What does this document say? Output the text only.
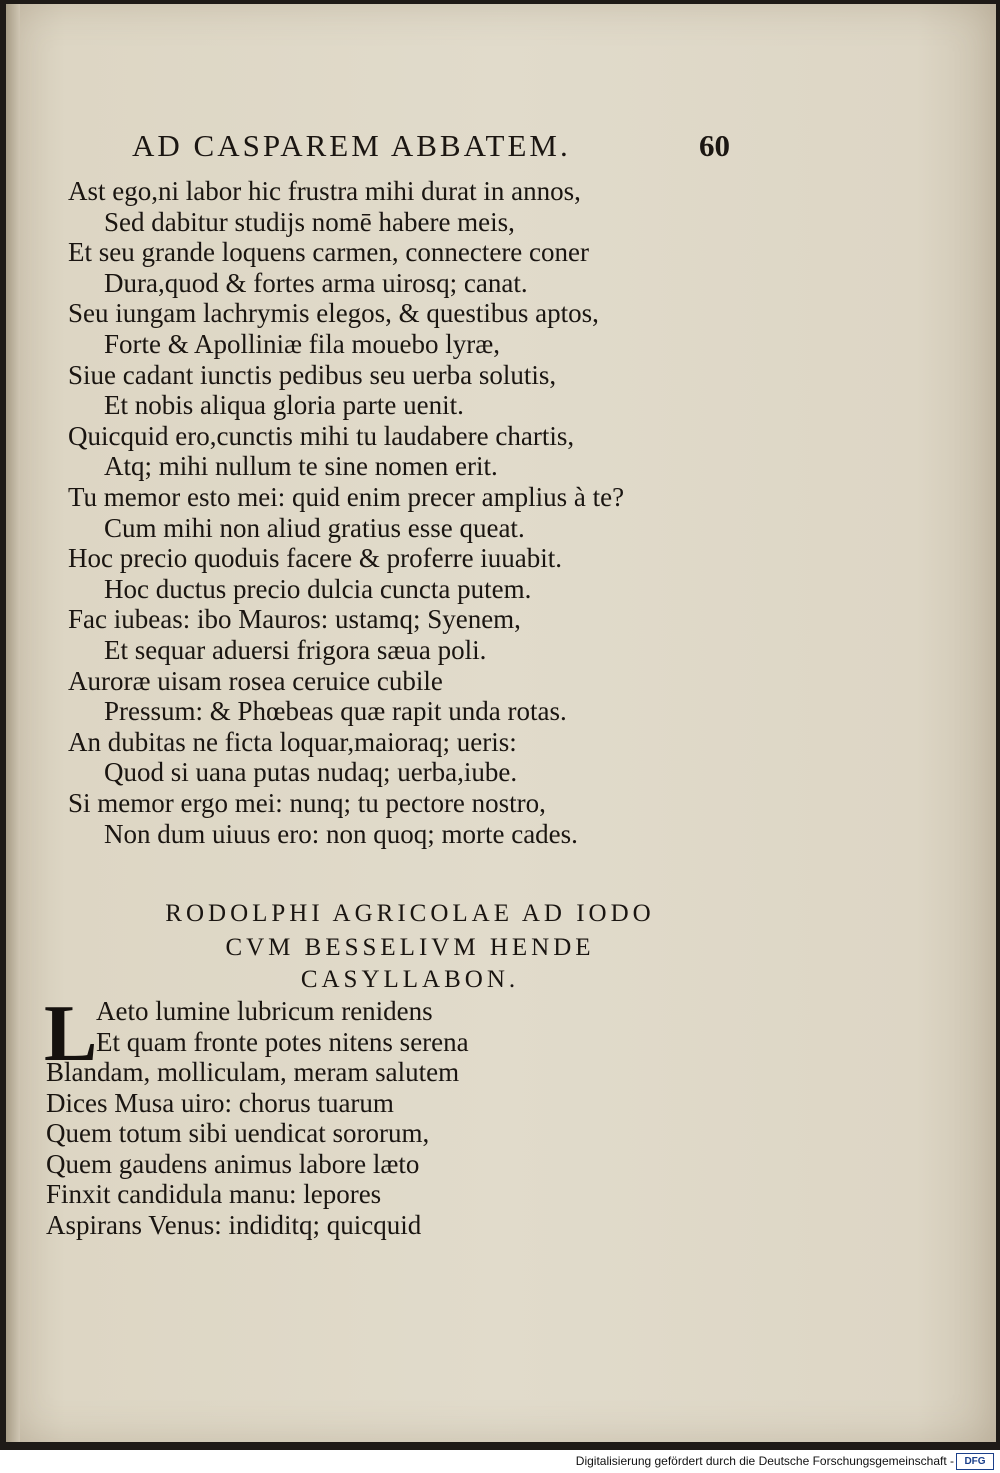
AD CASPAREM ABBATEM.	60
Ast ego,ni labor hic frustra mihi durat in annos,
Sed dabitur studijs nomē habere meis,
Et seu grande loquens carmen, connectere coner
Dura,quod & fortes arma uirosq; canat.
Seu iungam lachrymis elegos, & questibus aptos,
Forte & Apolliniæ fila mouebo lyræ,
Siue cadant iunctis pedibus seu uerba solutis,
Et nobis aliqua gloria parte uenit.
Quicquid ero,cunctis mihi tu laudabere chartis,
Atq; mihi nullum te sine nomen erit.
Tu memor esto mei: quid enim precer amplius à te?
Cum mihi non aliud gratius esse queat.
Hoc precio quoduis facere & proferre iuuabit.
Hoc ductus precio dulcia cuncta putem.
Fac iubeas: ibo Mauros: ustamq; Syenem,
Et sequar aduersi frigora sæua poli.
Auroræ uisam rosea ceruice cubile
Pressum: & Phœbeas quæ rapit unda rotas.
An dubitas ne ficta loquar,maioraq; ueris:
Quod si uana putas nudaq; uerba,iube.
Si memor ergo mei: nunq; tu pectore nostro,
Non dum uiuus ero: non quoq; morte cades.
RODOLPHI AGRICOLAE AD IODO
CVM BESSELIVM HENDE
CASYLLABON.
L
Aeto lumine lubricum renidens
Et quam fronte potes nitens serena
Blandam, molliculam, meram salutem
Dices Musa uiro: chorus tuarum
Quem totum sibi uendicat sororum,
Quem gaudens animus labore læto
Finxit candidula manu: lepores
Aspirans Venus: indiditq; quicquid
Digitalisierung gefördert durch die Deutsche Forschungsgemeinschaft -	DFG
